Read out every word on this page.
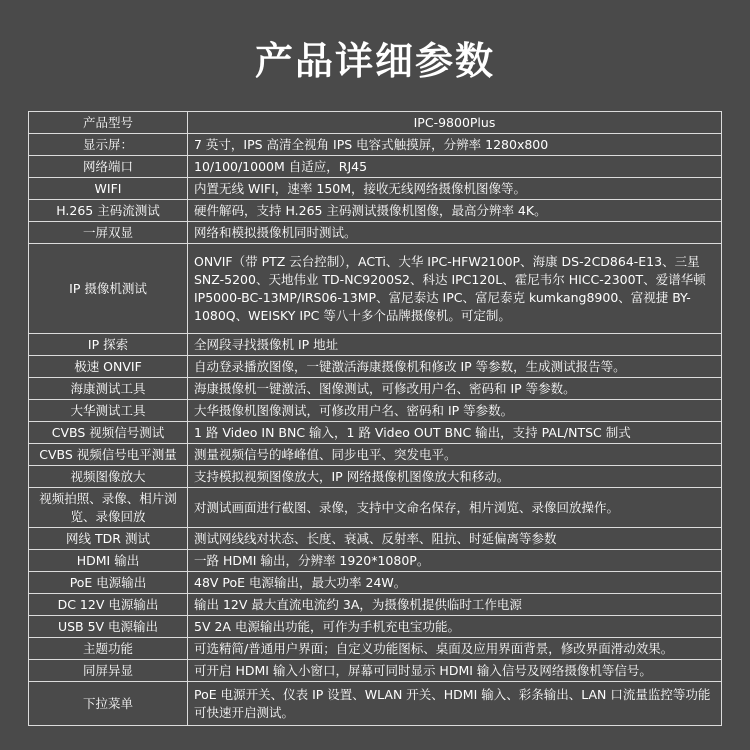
产品详细参数
产品型号	IPC-9800Plus
显示屏：	7 英寸，IPS 高清全视角 IPS 电容式触摸屏，分辨率 1280x800
网络端口	10/100/1000M 自适应，RJ45
WIFI	内置无线 WIFI，速率 150M，接收无线网络摄像机图像等。
H.265 主码流测试	硬件解码，支持 H.265 主码测试摄像机图像，最高分辨率 4K。
一屏双显	网络和模拟摄像机同时测试。
IP 摄像机测试	ONVIF（带 PTZ 云台控制），ACTi、大华 IPC-HFW2100P、海康 DS-2CD864-E13、三星 SNZ-5200、天地伟业 TD-NC9200S2、科达 IPC120L、霍尼韦尔 HICC-2300T、爱谱华顿 IP5000-BC-13MP/IRS06-13MP、富尼泰达 IPC、富尼泰克 kumkang8900、富视捷 BY-1080Q、WEISKY IPC 等八十多个品牌摄像机。可定制。
IP 探索	全网段寻找摄像机 IP 地址
极速 ONVIF	自动登录播放图像，一键激活海康摄像机和修改 IP 等参数，生成测试报告等。
海康测试工具	海康摄像机一键激活、图像测试，可修改用户名、密码和 IP 等参数。
大华测试工具	大华摄像机图像测试，可修改用户名、密码和 IP 等参数。
CVBS 视频信号测试	1 路 Video IN BNC 输入，1 路 Video OUT BNC 输出，支持 PAL/NTSC 制式
CVBS 视频信号电平测量	测量视频信号的峰峰值、同步电平、突发电平。
视频图像放大	支持模拟视频图像放大，IP 网络摄像机图像放大和移动。
视频拍照、录像、相片浏览、录像回放	对测试画面进行截图、录像，支持中文命名保存，相片浏览、录像回放操作。
网线 TDR 测试	测试网线线对状态、长度、衰减、反射率、阻抗、时延偏离等参数
HDMI 输出	一路 HDMI 输出，分辨率 1920*1080P。
PoE 电源输出	48V PoE 电源输出，最大功率 24W。
DC 12V 电源输出	输出 12V 最大直流电流约 3A，为摄像机提供临时工作电源
USB 5V 电源输出	5V 2A 电源输出功能，可作为手机充电宝功能。
主题功能	可选精简/普通用户界面；自定义功能图标、桌面及应用界面背景，修改界面滑动效果。
同屏异显	可开启 HDMI 输入小窗口，屏幕可同时显示 HDMI 输入信号及网络摄像机等信号。
下拉菜单	PoE 电源开关、仪表 IP 设置、WLAN 开关、HDMI 输入、彩条输出、LAN 口流量监控等功能可快速开启测试。
